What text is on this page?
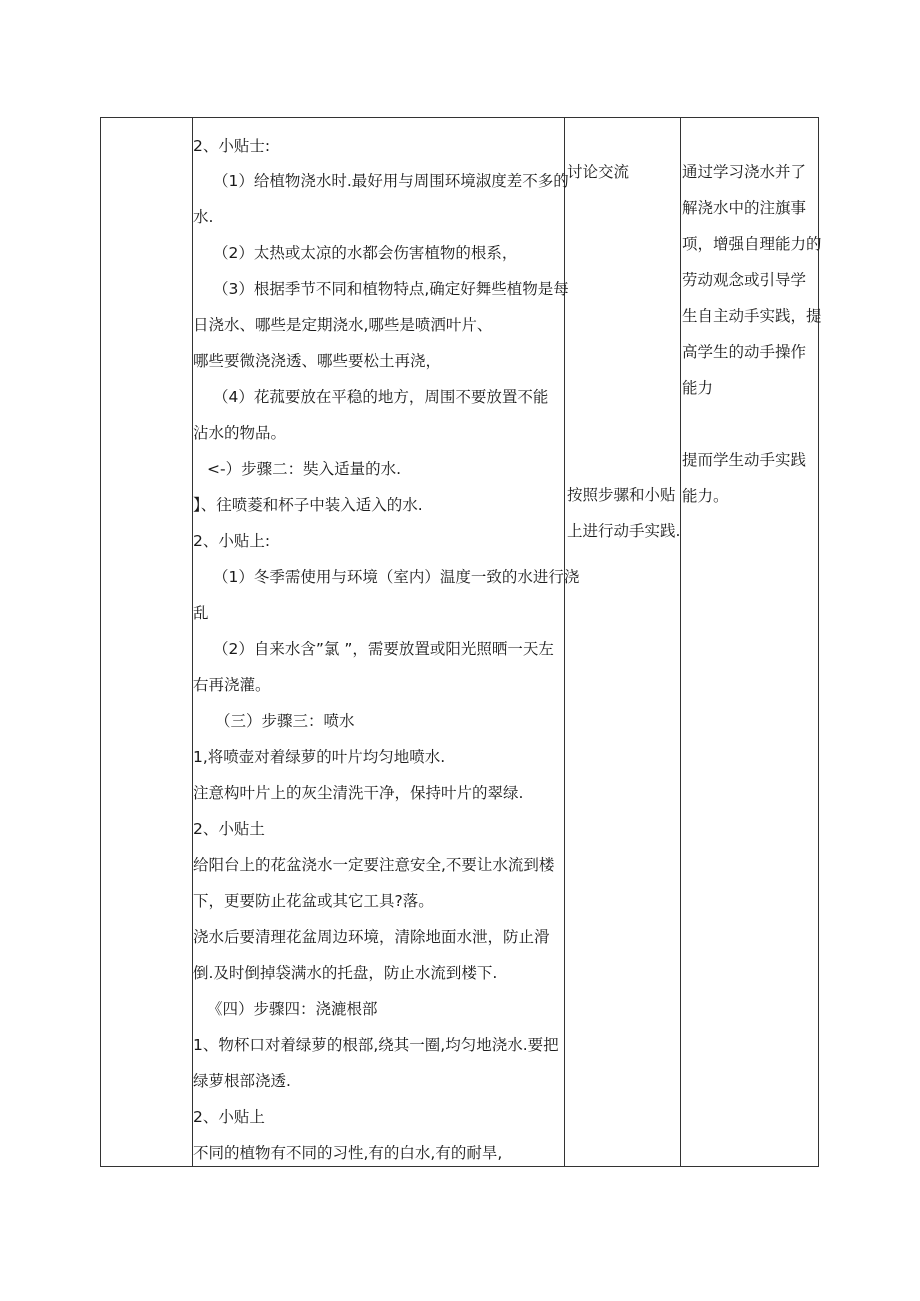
2、小贴士:
（1）给植物浇水时.最好用与周围环境淑度差不多的
水.
（2）太热或太凉的水都会伤害植物的根系，
（3）根据季节不同和植物特点,确定好舞些植物是每
日浇水、哪些是定期浇水,哪些是喷洒叶片、
哪些要微浇浇透、哪些要松土再浇，
（4）花菰要放在平稳的地方，周围不要放置不能
沾水的物品。
<-）步骤二：奘入适量的水.
】、往喷菱和杯子中装入适入的水.
2、小贴上:
（1）冬季需使用与环境（室内）温度一致的水进行浇
乱
（2）自来水含”氯 ”，需要放置或阳光照晒一天左
右再浇灌。
（三）步骤三：喷水
1,将喷壶对着绿萝的叶片均匀地喷水.
注意构叶片上的灰尘清洗干净，保持叶片的翠绿.
2、小贴土
给阳台上的花盆浇水一定要注意安全,不要让水流到楼
下，更要防止花盆或其它工具?落。
浇水后要清理花盆周边环境，清除地面水泄，防止滑
倒.及时倒掉袋满水的托盘，防止水流到楼下.
《四）步骤四：浇漉根部
1、物杯口对着绿萝的根部,绕其一圈,均匀地浇水.要把
绿萝根部浇透.
2、小贴上
不同的植物有不同的习性,有的白水,有的耐旱,
讨论交流
按照步骡和小贴
上进行动手实践.
通过学习浇水并了
解浇水中的注旗事
项，增强自理能力的
劳动观念或引导学
生自主动手实践，提
高学生的动手操作
能力
提而学生动手实践
能力。
